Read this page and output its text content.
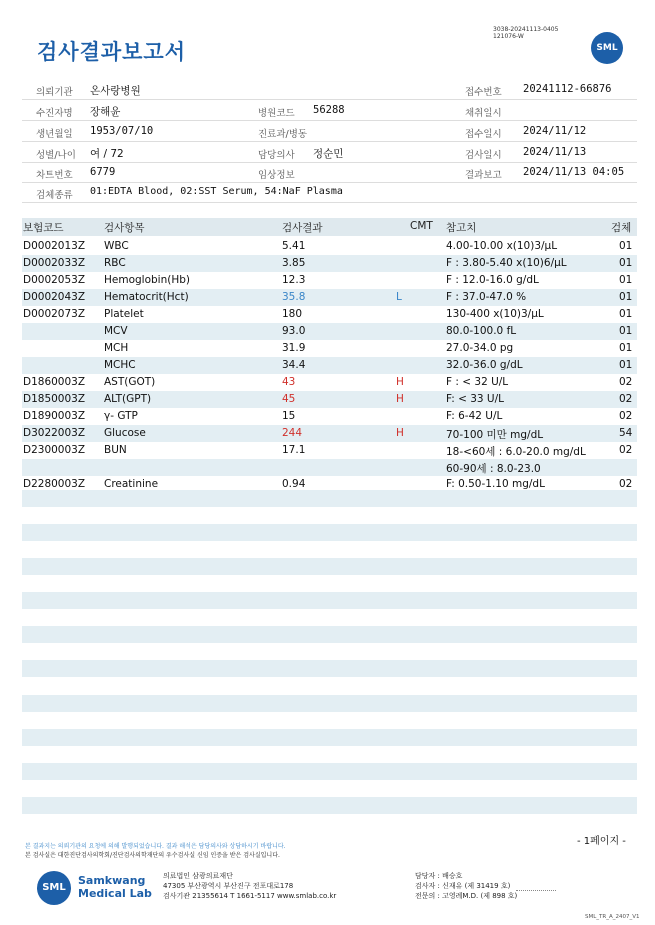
검사결과보고서
3038-20241113-0405
121076-W
SML
의뢰기관 온사랑병원	접수번호 20241112-66876
수진자명 장해윤	병원코드 56288	채취일시
생년월일 1953/07/10	진료과/병동	접수일시 2024/11/12
성별/나이 여 / 72	담당의사 정순민	검사일시 2024/11/13
차트번호 6779	임상정보	결과보고 2024/11/13 04:05
검체종류 01:EDTA Blood, 02:SST Serum, 54:NaF Plasma
보험코드	검사항목	검사결과	CMT 참고치	검체
D0002013Z WBC	5.41	4.00-10.00 x(10)3/μL	01
D0002033Z RBC	3.85	F : 3.80-5.40 x(10)6/μL	01
D0002053Z Hemoglobin(Hb)	12.3	F : 12.0-16.0 g/dL	01
D0002043Z Hematocrit(Hct)	35.8	L	F : 37.0-47.0 %	01
D0002073Z Platelet	180	130-400 x(10)3/μL	01
MCV	93.0	80.0-100.0 fL	01
MCH	31.9	27.0-34.0 pg	01
MCHC	34.4	32.0-36.0 g/dL	01
D1860003Z AST(GOT)	43	H	F : < 32 U/L	02
D1850003Z ALT(GPT)	45	H	F: < 33 U/L	02
D1890003Z γ- GTP	15	F: 6-42 U/L	02
D3022003Z Glucose	244	H	70-100 미만 mg/dL	54
D2300003Z BUN	17.1	18-<60세 : 6.0-20.0 mg/dL	02
60-90세 : 8.0-23.0
D2280003Z Creatinine	0.94	F: 0.50-1.10 mg/dL	02
- 1페이지 -
본 결과지는 의뢰기관의 요청에 의해 발행되었습니다. 결과 해석은 담당의사와 상담하시기 바랍니다.
본 검사실은 대한진단검사의학회/진단검사의학재단의 우수검사실 신임 인증을 받은 검사실입니다.
SML
Samkwang
Medical Lab
의료법인 삼광의료재단
47305 부산광역시 부산진구 전포대로178
검사기관 21355614 T 1661-5117 www.smlab.co.kr
담당자 : 배승호
검사자 : 신재유 (제 31419 호)
전문의 : 고영례M.D. (제 898 호)
SML_TR_A_2407_V1
